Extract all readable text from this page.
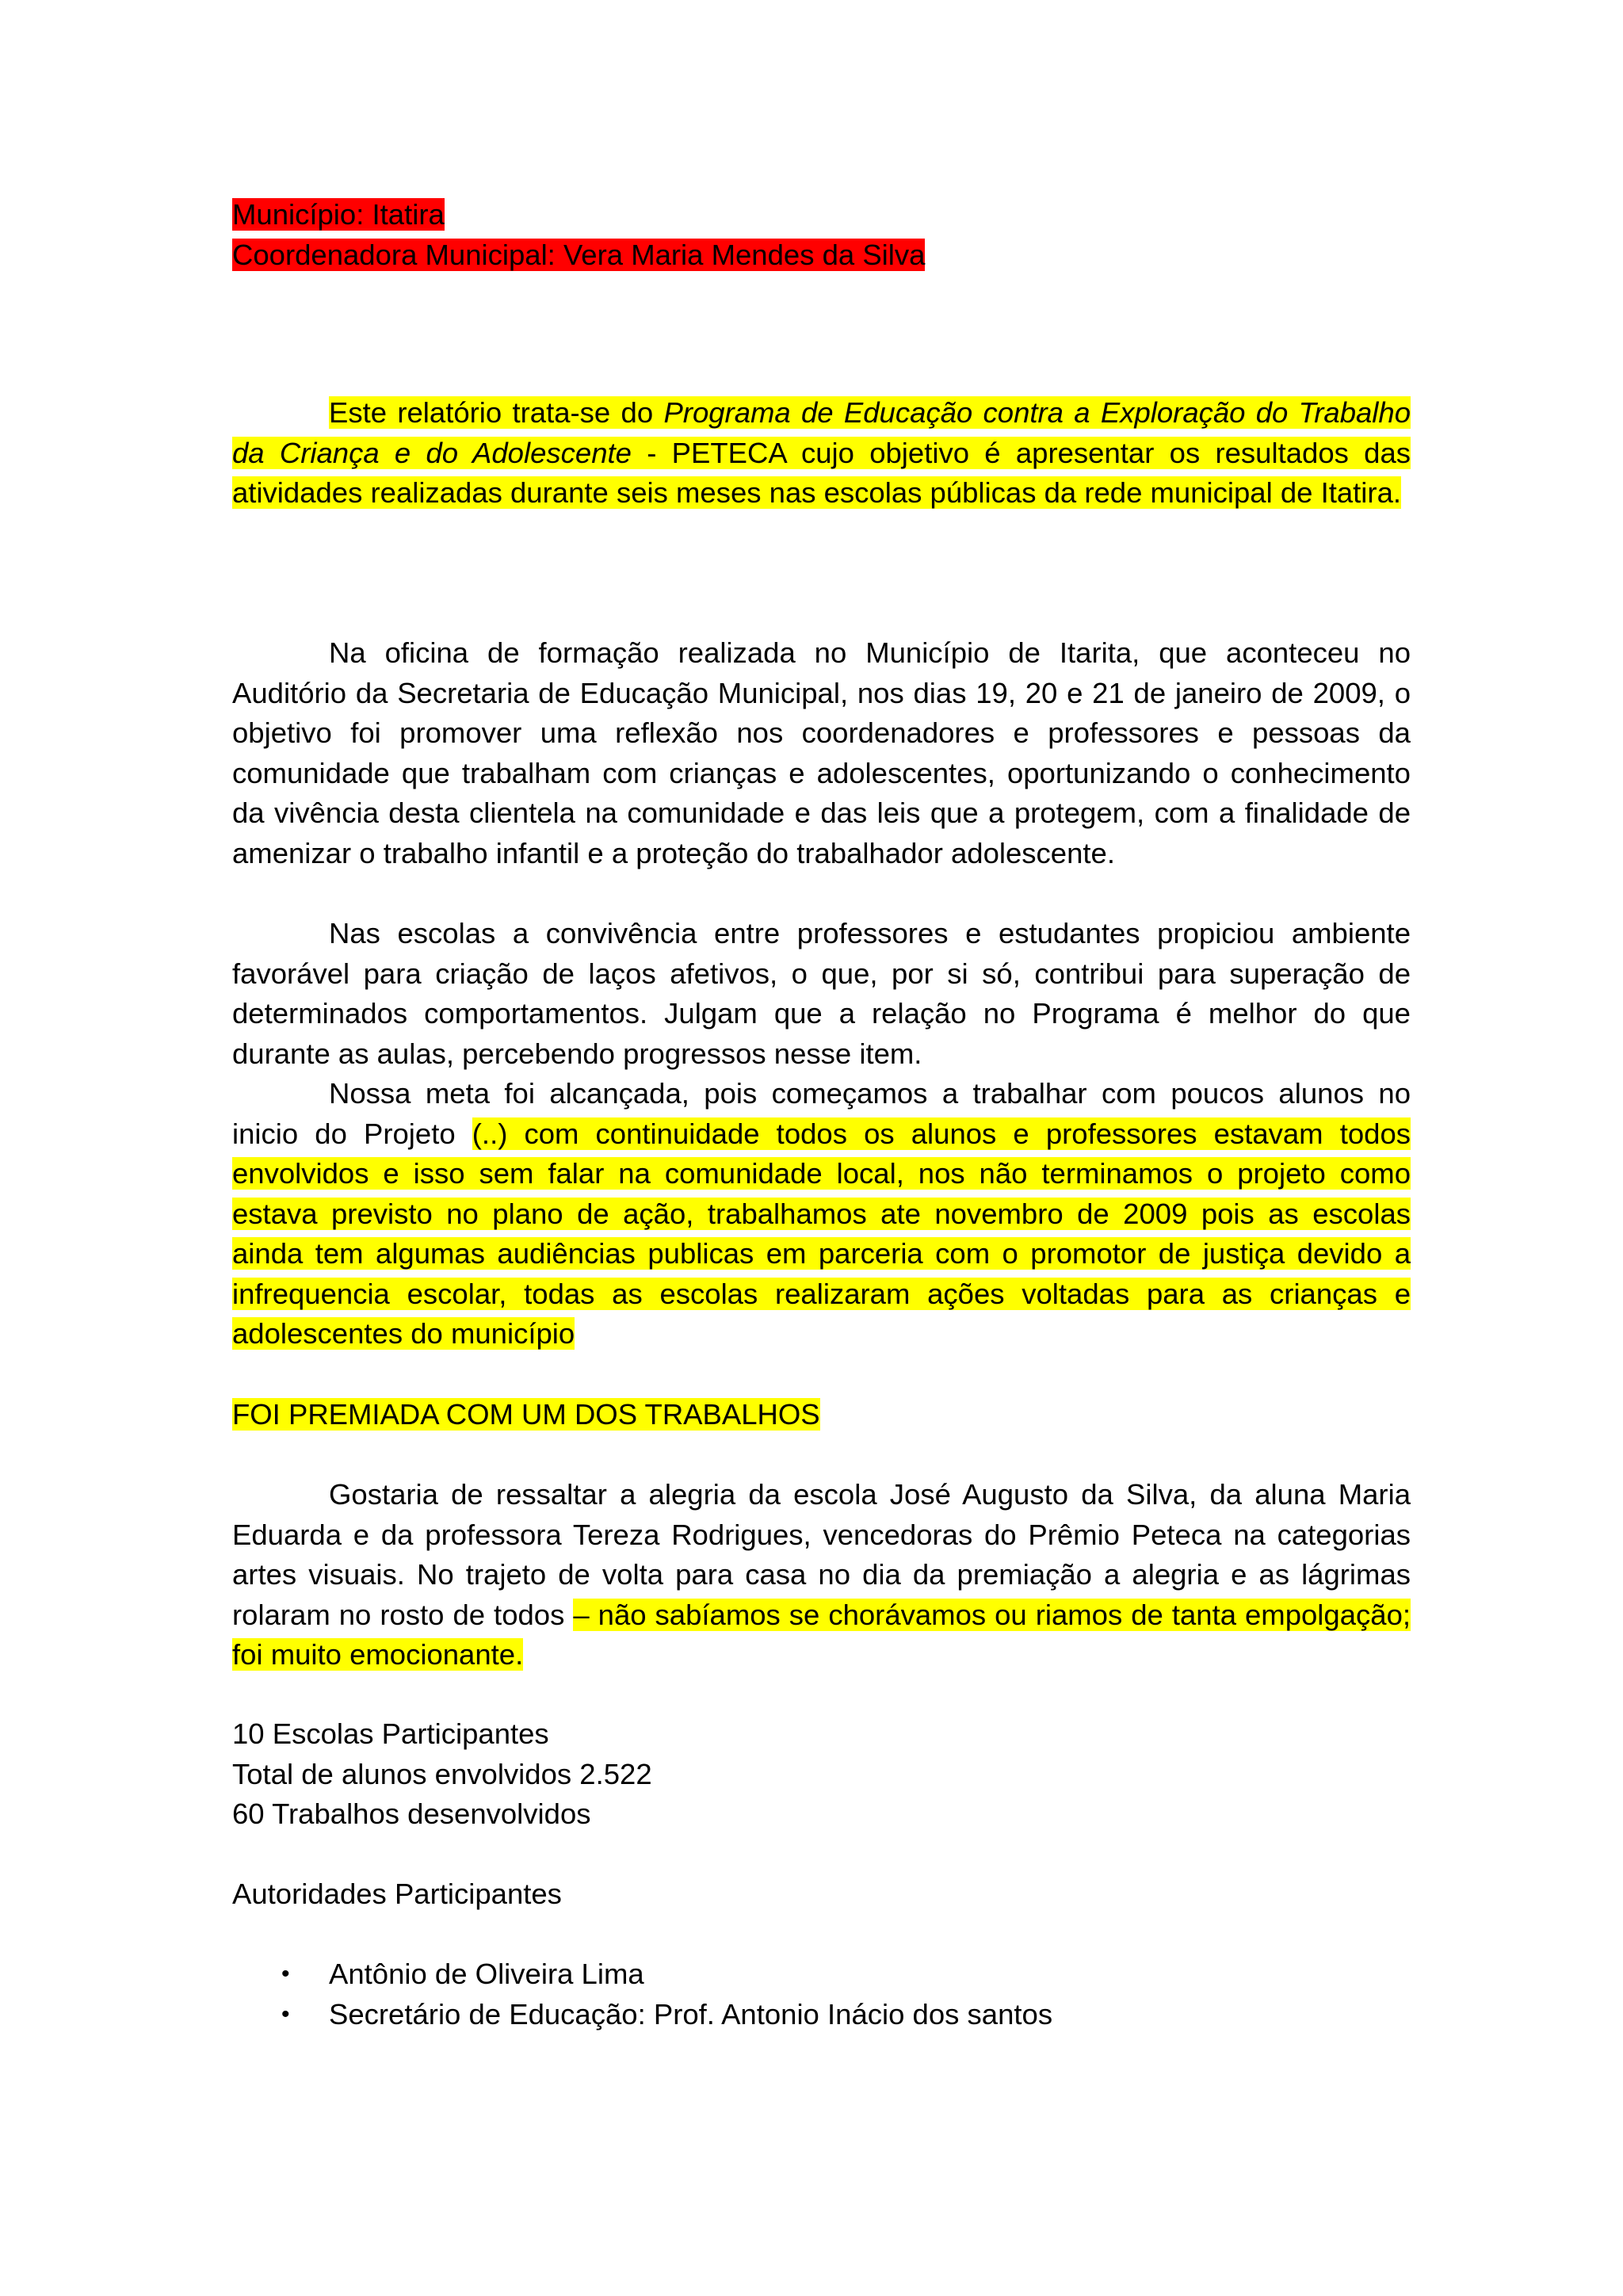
Município: Itatira
Coordenadora Municipal: Vera Maria Mendes da Silva

Este relatório trata-se do Programa de Educação contra a Exploração do Trabalho da Criança e do Adolescente - PETECA cujo objetivo é apresentar os resultados das atividades realizadas durante seis meses nas escolas públicas da rede municipal de Itatira.

Na oficina de formação realizada no Município de Itarita, que aconteceu no Auditório da Secretaria de Educação Municipal, nos dias 19, 20 e 21 de janeiro de 2009, o objetivo foi promover uma reflexão nos coordenadores e professores e pessoas da comunidade que trabalham com crianças e adolescentes, oportunizando o conhecimento da vivência desta clientela na comunidade e das leis que a protegem, com a finalidade de amenizar o trabalho infantil e a proteção do trabalhador adolescente.

Nas escolas a convivência entre professores e estudantes propiciou ambiente favorável para criação de laços afetivos, o que, por si só, contribui para superação de determinados comportamentos. Julgam que a relação no Programa é melhor do que durante as aulas, percebendo progressos nesse item.

Nossa meta foi alcançada, pois começamos a trabalhar com poucos alunos no inicio do Projeto (..) com continuidade todos os alunos e professores estavam todos envolvidos e isso sem falar na comunidade local, nos não terminamos o projeto como estava previsto no plano de ação, trabalhamos ate novembro de 2009 pois as escolas ainda tem algumas audiências publicas em parceria com o promotor de justiça devido a infrequencia escolar, todas as escolas realizaram ações voltadas para as crianças e adolescentes do município

FOI PREMIADA COM UM DOS TRABALHOS

Gostaria de ressaltar a alegria da escola José Augusto da Silva, da aluna Maria Eduarda e da professora Tereza Rodrigues, vencedoras do Prêmio Peteca na categorias artes visuais. No trajeto de volta para casa no dia da premiação a alegria e as lágrimas rolaram no rosto de todos – não sabíamos se chorávamos ou riamos de tanta empolgação; foi muito emocionante.

10 Escolas Participantes
Total de alunos envolvidos 2.522
60 Trabalhos desenvolvidos

Autoridades Participantes

• Antônio de Oliveira Lima
• Secretário de Educação: Prof. Antonio Inácio dos santos
